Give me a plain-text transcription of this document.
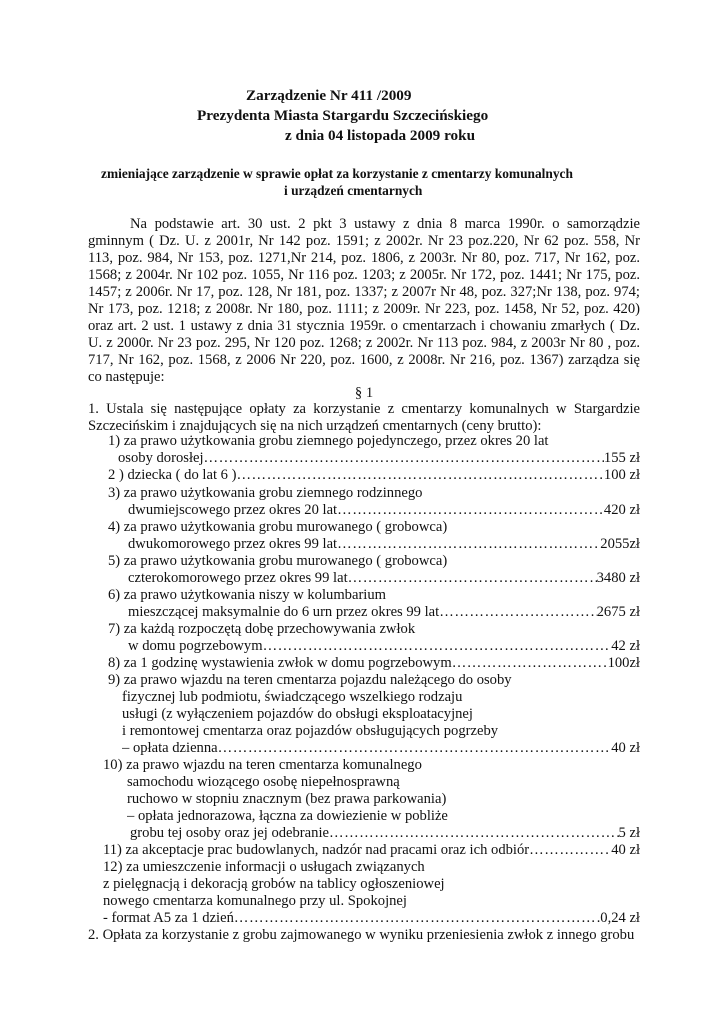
Zarządzenie Nr 411 /2009
Prezydenta Miasta Stargardu Szczecińskiego
z dnia 04 listopada 2009 roku
zmieniające zarządzenie w sprawie opłat za korzystanie z cmentarzy komunalnych
i urządzeń cmentarnych
Na podstawie art. 30 ust. 2 pkt 3 ustawy z dnia 8 marca 1990r. o samorządzie
gminnym ( Dz. U. z 2001r, Nr 142 poz. 1591; z 2002r. Nr 23 poz.220, Nr 62 poz. 558, Nr
113, poz. 984, Nr 153, poz. 1271,Nr 214, poz. 1806, z 2003r. Nr 80, poz. 717, Nr 162, poz.
1568; z 2004r. Nr 102 poz. 1055, Nr 116 poz. 1203; z 2005r. Nr 172, poz. 1441; Nr 175, poz.
1457; z 2006r. Nr 17, poz. 128, Nr 181, poz. 1337; z 2007r Nr 48, poz. 327;Nr 138, poz. 974;
Nr 173, poz. 1218; z 2008r. Nr 180, poz. 1111; z 2009r. Nr 223, poz. 1458, Nr 52, poz. 420)
oraz art. 2 ust. 1 ustawy z dnia 31 stycznia 1959r. o cmentarzach i chowaniu zmarłych ( Dz.
U. z 2000r. Nr 23 poz. 295, Nr 120 poz. 1268; z 2002r. Nr 113 poz. 984, z 2003r Nr 80 , poz.
717, Nr 162, poz. 1568, z 2006 Nr 220, poz. 1600, z 2008r. Nr 216, poz. 1367) zarządza się
co następuje:
§ 1
1. Ustala się następujące opłaty za korzystanie z cmentarzy komunalnych w Stargardzie
Szczecińskim i znajdujących się na nich urządzeń cmentarnych (ceny brutto):
1) za prawo użytkowania grobu ziemnego pojedynczego, przez okres 20 lat
osoby dorosłej ………………………………………………………………………………………………………………………………………………	155 zł
2 ) dziecka ( do lat 6 ) ………………………………………………………………………………………………………………………………………………	100 zł
3) za prawo użytkowania grobu ziemnego rodzinnego
dwumiejscowego przez okres 20 lat ………………………………………………………………………………………………………………………………………………	420 zł
4) za prawo użytkowania grobu murowanego ( grobowca)
dwukomorowego przez okres 99 lat ………………………………………………………………………………………………………………………………………………	2055zł
5) za prawo użytkowania grobu murowanego ( grobowca)
czterokomorowego przez okres 99 lat ………………………………………………………………………………………………………………………………………………	3480 zł
6) za prawo użytkowania niszy w kolumbarium
mieszczącej maksymalnie do 6 urn przez okres 99 lat ………………………………………………………………………………………………………………………………………………	2675 zł
7) za każdą rozpoczętą dobę przechowywania zwłok
w domu pogrzebowym ………………………………………………………………………………………………………………………………………………	42 zł
8) za 1 godzinę wystawienia zwłok w domu pogrzebowym ………………………………………………………………………………………………………………………………………………	100zł
9) za prawo wjazdu na teren cmentarza pojazdu należącego do osoby
fizycznej lub podmiotu, świadczącego wszelkiego rodzaju
usługi (z wyłączeniem pojazdów do obsługi eksploatacyjnej
i remontowej cmentarza oraz pojazdów obsługujących pogrzeby
– opłata dzienna ………………………………………………………………………………………………………………………………………………	40 zł
10) za prawo wjazdu na teren cmentarza komunalnego
samochodu wiozącego osobę niepełnosprawną
ruchowo w stopniu znacznym (bez prawa parkowania)
– opłata jednorazowa, łączna za dowiezienie w pobliże
grobu tej osoby oraz jej odebranie ………………………………………………………………………………………………………………………………………………	5 zł
11) za akceptacje prac budowlanych, nadzór nad pracami oraz ich odbiór ………………………………………………………………………………………………………………………………………………	40 zł
12) za umieszczenie informacji o usługach związanych
z pielęgnacją i dekoracją grobów na tablicy ogłoszeniowej
nowego cmentarza komunalnego przy ul. Spokojnej
- format A5 za 1 dzień ………………………………………………………………………………………………………………………………………………	0,24 zł
2. Opłata za korzystanie z grobu zajmowanego w wyniku przeniesienia zwłok z innego grobu
